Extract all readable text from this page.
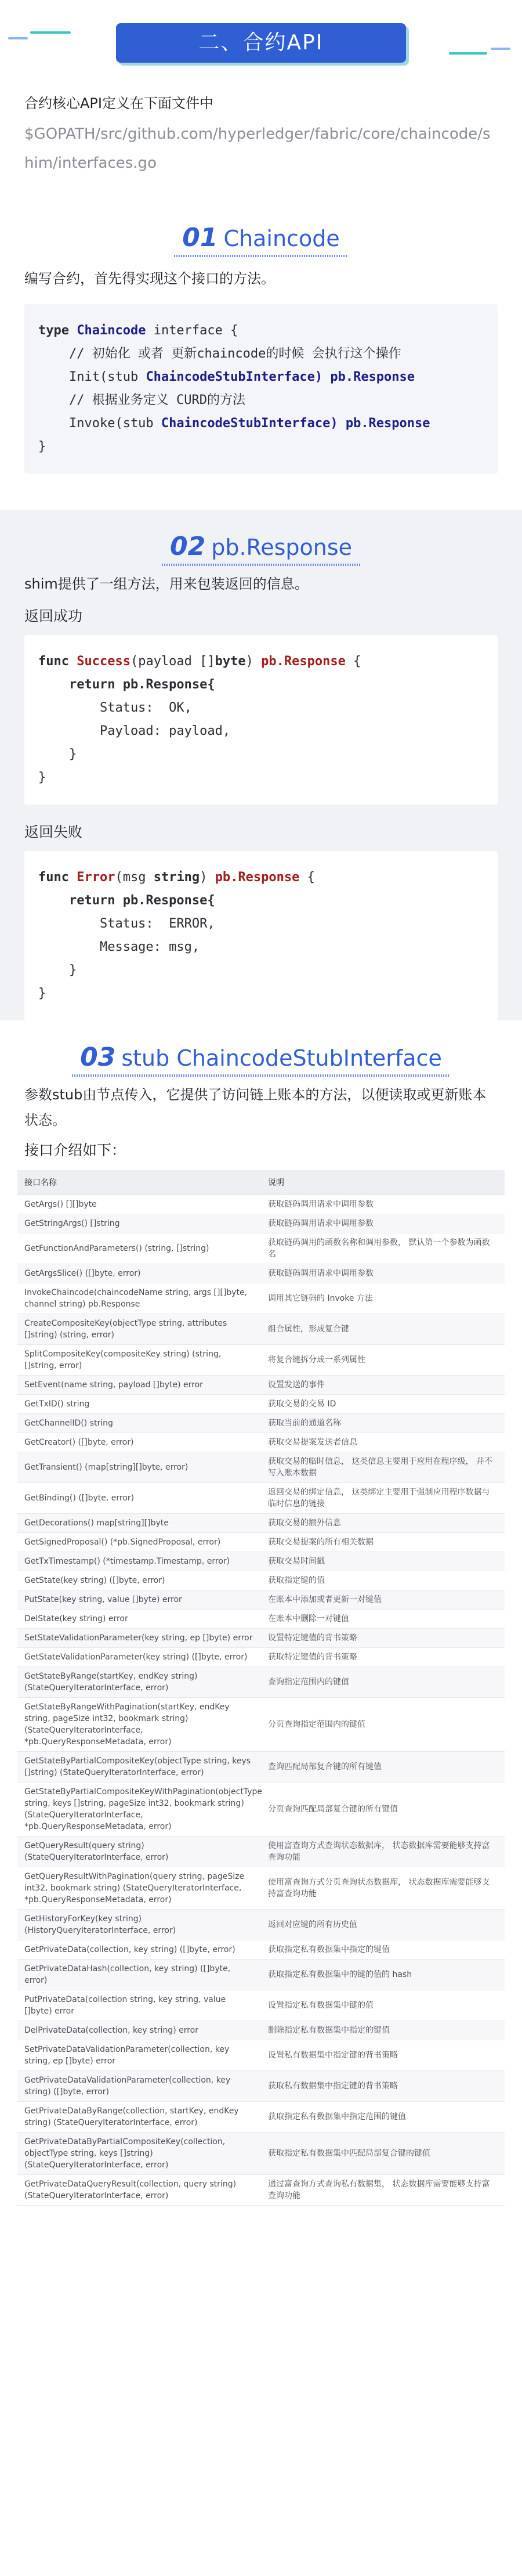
二、合约API
合约核心API定义在下面文件中
$GOPATH/src/github.com/hyperledger/fabric/core/chaincode/shim/interfaces.go
01 Chaincode
编写合约，首先得实现这个接口的方法。
type Chaincode interface {
// 初始化 或者 更新chaincode的时候 会执行这个操作
Init(stub ChaincodeStubInterface) pb.Response
// 根据业务定义 CURD的方法
Invoke(stub ChaincodeStubInterface) pb.Response
}
02 pb.Response
shim提供了一组方法，用来包装返回的信息。
返回成功
func Success(payload []byte) pb.Response {
return pb.Response{
Status:  OK,
Payload: payload,
}
}
返回失败
func Error(msg string) pb.Response {
return pb.Response{
Status:  ERROR,
Message: msg,
}
}
03 stub ChaincodeStubInterface
参数stub由节点传入，它提供了访问链上账本的方法，以便读取或更新账本状态。
接口介绍如下：
接口名称	说明
GetArgs() [][]byte	获取链码调用请求中调用参数
GetStringArgs() []string	获取链码调用请求中调用参数
GetFunctionAndParameters() (string, []string)	获取链码调用的函数名称和调用参数， 默认第一个参数为函数名
GetArgsSlice() ([]byte, error)	获取链码调用请求中调用参数
InvokeChaincode(chaincodeName string, args [][]byte, channel string) pb.Response	调用其它链码的 Invoke 方法
CreateCompositeKey(objectType string, attributes []string) (string, error)	组合属性，形成复合键
SplitCompositeKey(compositeKey string) (string, []string, error)	将复合键拆分成一系列属性
SetEvent(name string, payload []byte) error	设置发送的事件
GetTxID() string	获取交易的交易 ID
GetChannelID() string	获取当前的通道名称
GetCreator() ([]byte, error)	获取交易提案发送者信息
GetTransient() (map[string][]byte, error)	获取交易的临时信息， 这类信息主要用于应用在程序级， 并不写入账本数据
GetBinding() ([]byte, error)	返回交易的绑定信息， 这类绑定主要用于强制应用程序数据与临时信息的链接
GetDecorations() map[string][]byte	获取交易的额外信息
GetSignedProposal() (*pb.SignedProposal, error)	获取交易提案的所有相关数据
GetTxTimestamp() (*timestamp.Timestamp, error)	获取交易时间戳
GetState(key string) ([]byte, error)	获取指定键的值
PutState(key string, value []byte) error	在账本中添加或者更新一对键值
DelState(key string) error	在账本中删除一对键值
SetStateValidationParameter(key string, ep []byte) error	设置特定键值的背书策略
GetStateValidationParameter(key string) ([]byte, error)	获取特定键值的背书策略
GetStateByRange(startKey, endKey string) (StateQueryIteratorInterface, error)	查询指定范围内的键值
GetStateByRangeWithPagination(startKey, endKey string, pageSize int32, bookmark string) (StateQueryIteratorInterface, *pb.QueryResponseMetadata, error)	分页查询指定范围内的键值
GetStateByPartialCompositeKey(objectType string, keys []string) (StateQueryIteratorInterface, error)	查询匹配局部复合键的所有键值
GetStateByPartialCompositeKeyWithPagination(objectType string, keys []string, pageSize int32, bookmark string) (StateQueryIteratorInterface, *pb.QueryResponseMetadata, error)	分页查询匹配局部复合键的所有键值
GetQueryResult(query string) (StateQueryIteratorInterface, error)	使用富查询方式查询状态数据库， 状态数据库需要能够支持富查询功能
GetQueryResultWithPagination(query string, pageSize int32, bookmark string) (StateQueryIteratorInterface, *pb.QueryResponseMetadata, error)	使用富查询方式分页查询状态数据库， 状态数据库需要能够支持富查询功能
GetHistoryForKey(key string) (HistoryQueryIteratorInterface, error)	返回对应键的所有历史值
GetPrivateData(collection, key string) ([]byte, error)	获取指定私有数据集中指定的键值
GetPrivateDataHash(collection, key string) ([]byte, error)	获取指定私有数据集中的键的值的 hash
PutPrivateData(collection string, key string, value []byte) error	设置指定私有数据集中键的值
DelPrivateData(collection, key string) error	删除指定私有数据集中指定的键值
SetPrivateDataValidationParameter(collection, key string, ep []byte) error	设置私有数据集中指定键的背书策略
GetPrivateDataValidationParameter(collection, key string) ([]byte, error)	获取私有数据集中指定键的背书策略
GetPrivateDataByRange(collection, startKey, endKey string) (StateQueryIteratorInterface, error)	获取指定私有数据集中指定范围的键值
GetPrivateDataByPartialCompositeKey(collection, objectType string, keys []string) (StateQueryIteratorInterface, error)	获取指定私有数据集中匹配局部复合键的键值
GetPrivateDataQueryResult(collection, query string) (StateQueryIteratorInterface, error)	通过富查询方式查询私有数据集， 状态数据库需要能够支持富查询功能
